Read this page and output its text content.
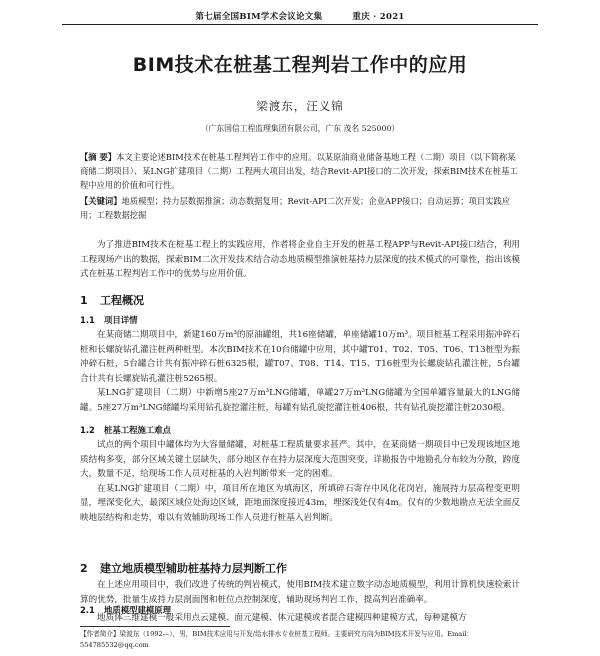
第七届全国BIM学术会议论文集	重庆 · 2021
BIM技术在桩基工程判岩工作中的应用
梁渡东，汪义锦
（广东国信工程监理集团有限公司，广东 茂名 525000）

【摘 要】本文主要论述BIM技术在桩基工程判岩工作中的应用。以某原油商业储备基地工程（二期）项目（以下简称某商储二期项目）、某LNG扩建项目（二期）工程两大项目出发，结合Revit-API接口的二次开发，探索BIM技术在桩基工程中应用的价值和可行性。

【关键词】地质模型；持力层数据推演；动态数据复用；Revit-API二次开发；企业APP接口；自动运算；项目实践应用；工程数据挖掘

为了推进BIM技术在桩基工程上的实践应用，作者将企业自主开发的桩基工程APP与Revit-API接口结合，利用工程现场产出的数据，探索BIM二次开发技术结合动态地质模型推演桩基持力层深度的技术模式的可靠性，指出该模式在桩基工程判岩工作中的优势与应用价值。

1 工程概况
1.1 项目详情

在某商储二期项目中，新建160万m³的原油罐组，共16座储罐，单座储罐10万m³。项目桩基工程采用振冲碎石桩和长螺旋钻孔灌注桩两种桩型。本次BIM技术在10台储罐中应用，其中罐T01、T02、T05、T06、T13桩型为振冲碎石桩，5台罐合计共有振冲碎石桩6325根，罐T07、T08、T14、T15、T16桩型为长螺旋钻孔灌注桩，5台罐合计共有长螺旋钻孔灌注桩5265根。

某LNG扩建项目（二期）中新增5座27万m³LNG储罐，单罐27万m³LNG储罐为全国单罐容量最大的LNG储罐。5座27万m³LNG储罐均采用钻孔旋挖灌注桩，每罐有钻孔旋挖灌注桩406根，共有钻孔旋挖灌注桩2030根。

1.2 桩基工程施工难点

试点的两个项目中罐体均为大容量储罐，对桩基工程质量要求甚严。其中，在某商储一期项目中已发现该地区地质结构多变，部分区域关键土层缺失，部分地区存在持力层深度大范围突变，详勘报告中地勘孔分布较为分散，跨度大，数量不足，给现场工作人员对桩基的入岩判断带来一定的困难。

在某LNG扩建项目（二期）中，项目所在地区为填海区，所填碎石寄存中风化花岗岩，施展持力层高程变更明显，埋深变化大，最深区域位处海边区域，距地面深度接近43m，埋深浅处仅有4m。仅有的少数地勘点无法全面反映地层结构和走势，难以有效辅助现场工作人员进行桩基入岩判断。

2 建立地质模型辅助桩基持力层判断工作

在上述应用项目中，我们改进了传统的判岩模式，使用BIM技术建立数字动态地质模型，利用计算机快速检索计算的优势，批量生成持力层剖面图和桩位点控制深度，辅助现场判岩工作，提高判岩准确率。

2.1 地质模型建模原理

地质体三维建模一般采用点云建模、面元建模、体元建模或者混合建模四种建模方式，每种建模方

【作者简介】梁渡东（1992—），男，BIM技术应用与开发/给水排水专业桩基工程师。主要研究方向为BIM技术开发与应用。Email：

554785532@qq.com
